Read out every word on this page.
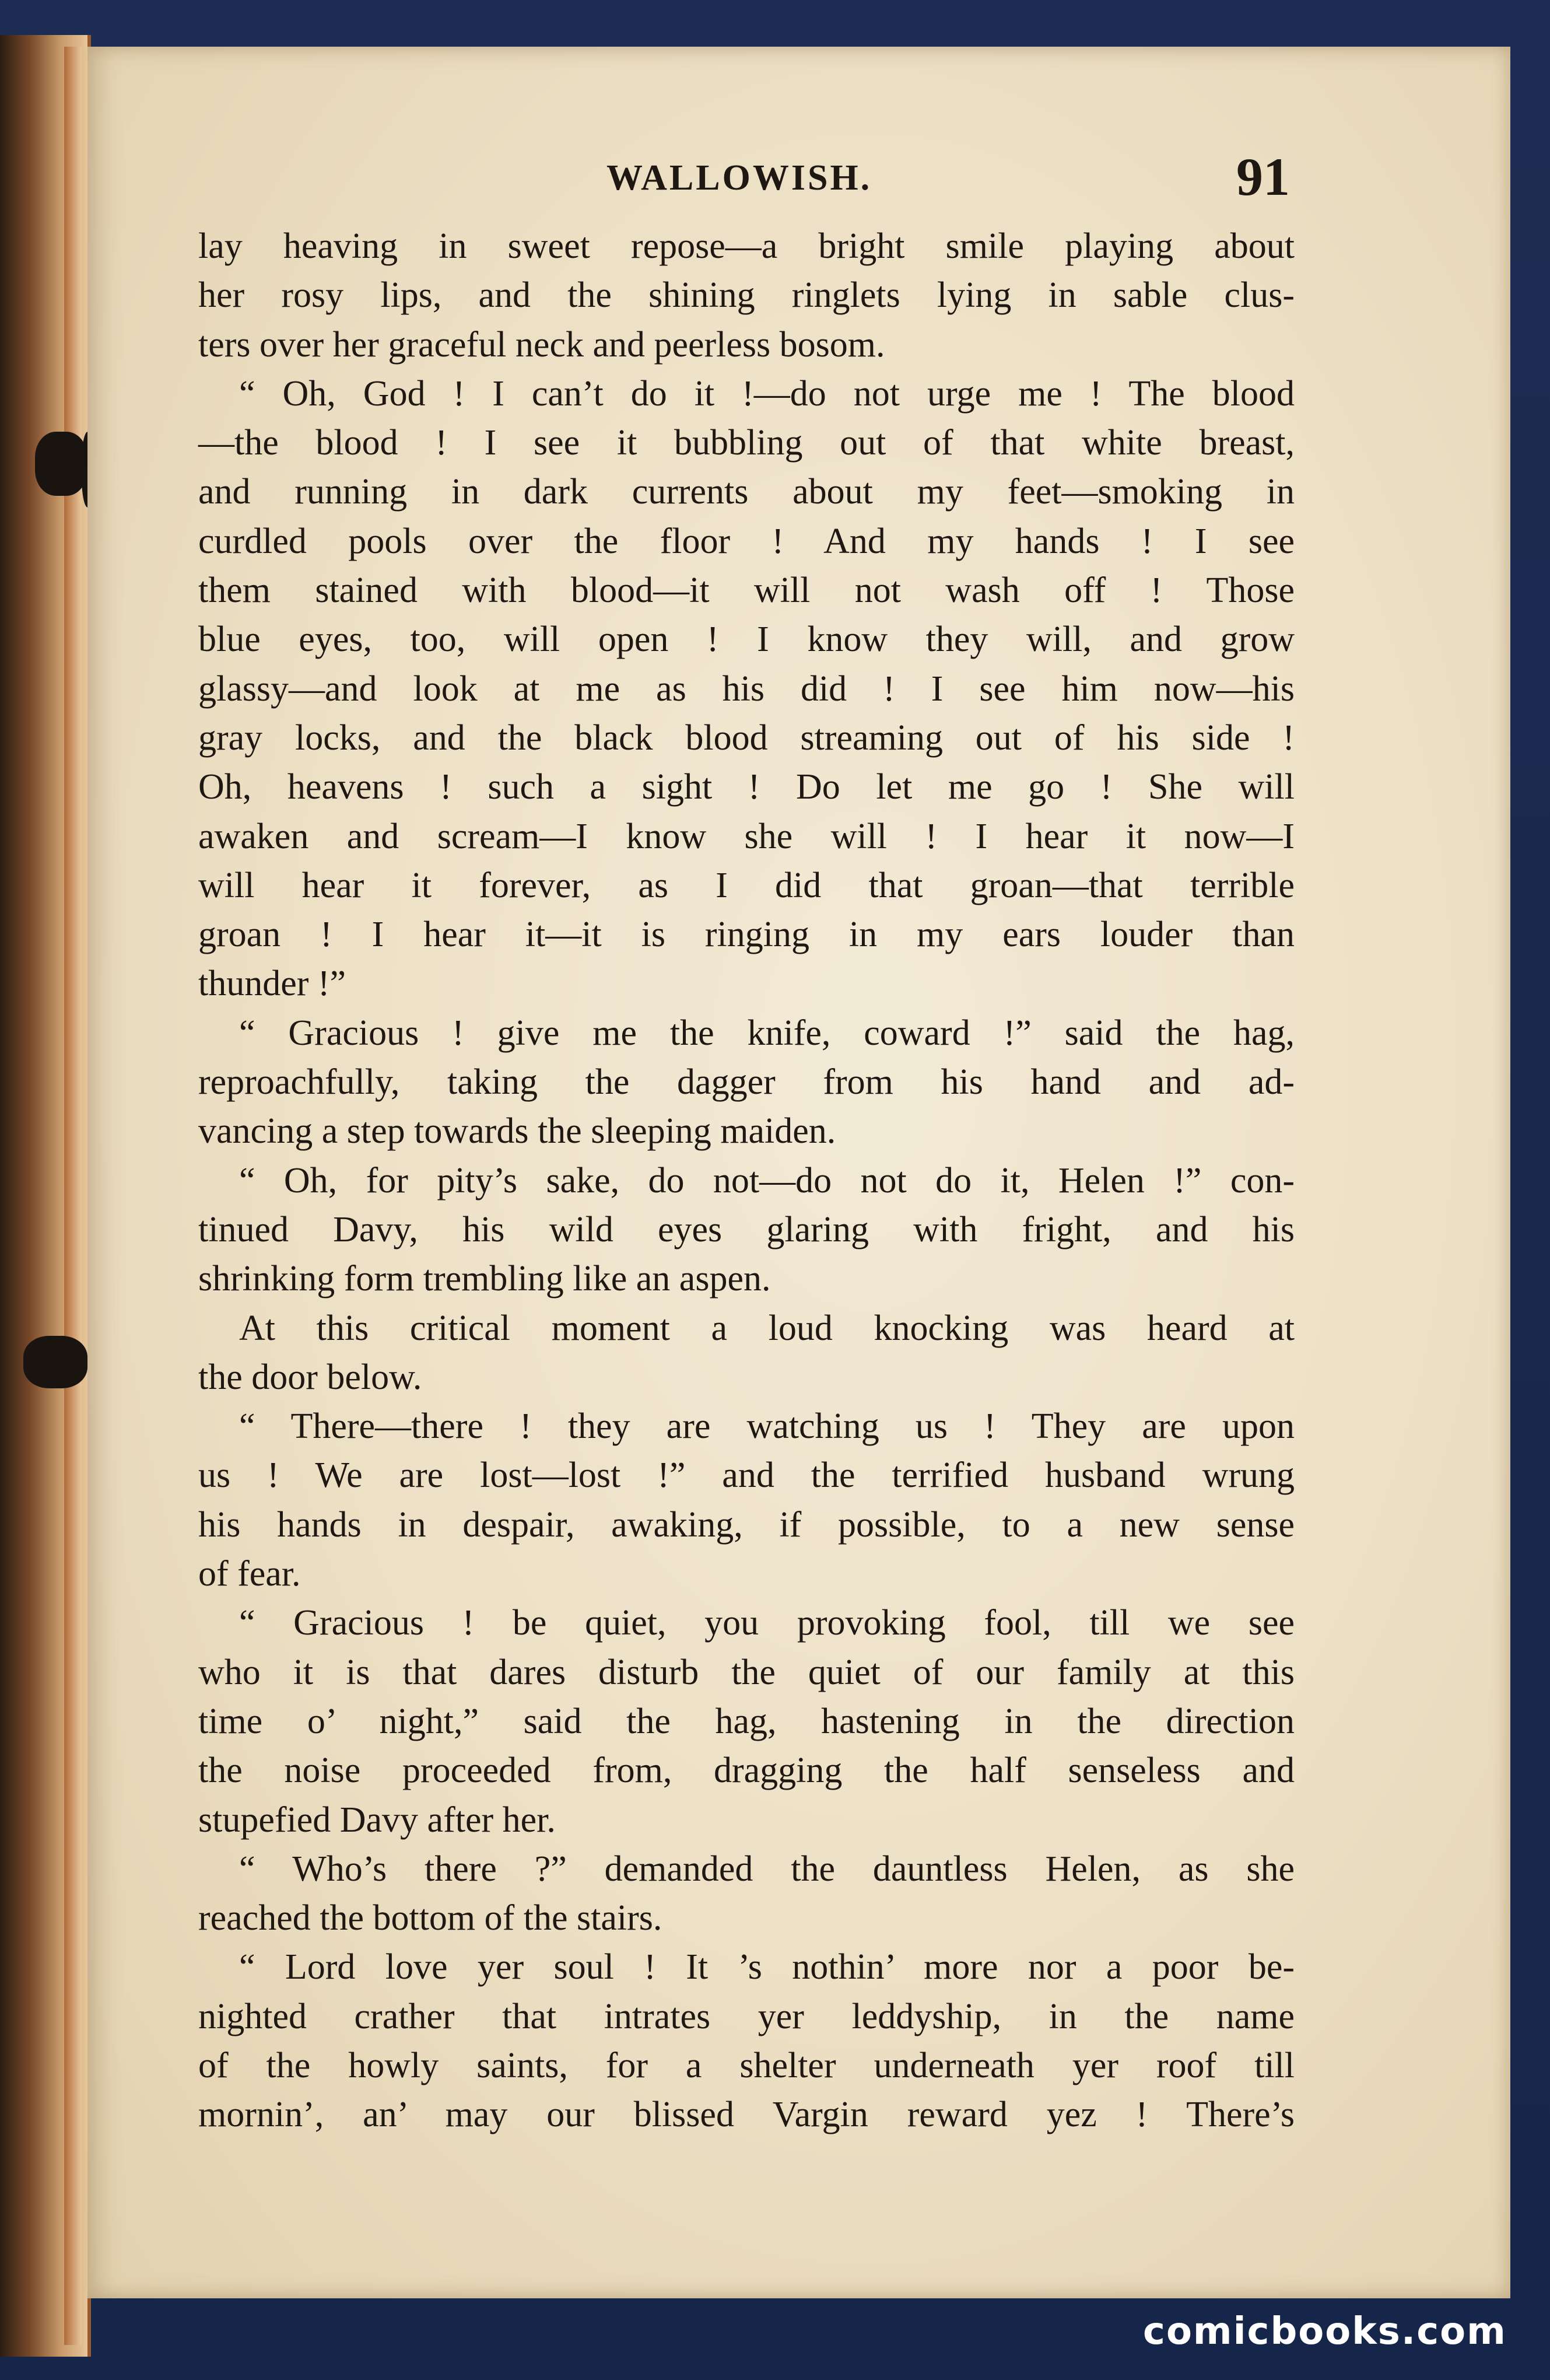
WALLOWISH.	91
lay heaving in sweet repose—a bright smile playing about
her rosy lips, and the shining ringlets lying in sable clus-
ters over her graceful neck and peerless bosom.
“ Oh, God ! I can’t do it !—do not urge me ! The blood
—the blood ! I see it bubbling out of that white breast,
and running in dark currents about my feet—smoking in
curdled pools over the floor ! And my hands ! I see
them stained with blood—it will not wash off ! Those
blue eyes, too, will open ! I know they will, and grow
glassy—and look at me as his did ! I see him now—his
gray locks, and the black blood streaming out of his side !
Oh, heavens ! such a sight ! Do let me go ! She will
awaken and scream—I know she will ! I hear it now—I
will hear it forever, as I did that groan—that terrible
groan ! I hear it—it is ringing in my ears louder than
thunder !”
“ Gracious ! give me the knife, coward !” said the hag,
reproachfully, taking the dagger from his hand and ad-
vancing a step towards the sleeping maiden.
“ Oh, for pity’s sake, do not—do not do it, Helen !” con-
tinued Davy, his wild eyes glaring with fright, and his
shrinking form trembling like an aspen.
At this critical moment a loud knocking was heard at
the door below.
“ There—there ! they are watching us ! They are upon
us ! We are lost—lost !” and the terrified husband wrung
his hands in despair, awaking, if possible, to a new sense
of fear.
“ Gracious ! be quiet, you provoking fool, till we see
who it is that dares disturb the quiet of our family at this
time o’ night,” said the hag, hastening in the direction
the noise proceeded from, dragging the half senseless and
stupefied Davy after her.
“ Who’s there ?” demanded the dauntless Helen, as she
reached the bottom of the stairs.
“ Lord love yer soul ! It ’s nothin’ more nor a poor be-
nighted crather that intrates yer leddyship, in the name
of the howly saints, for a shelter underneath yer roof till
mornin’, an’ may our blissed Vargin reward yez ! There’s
comicbooks.com
